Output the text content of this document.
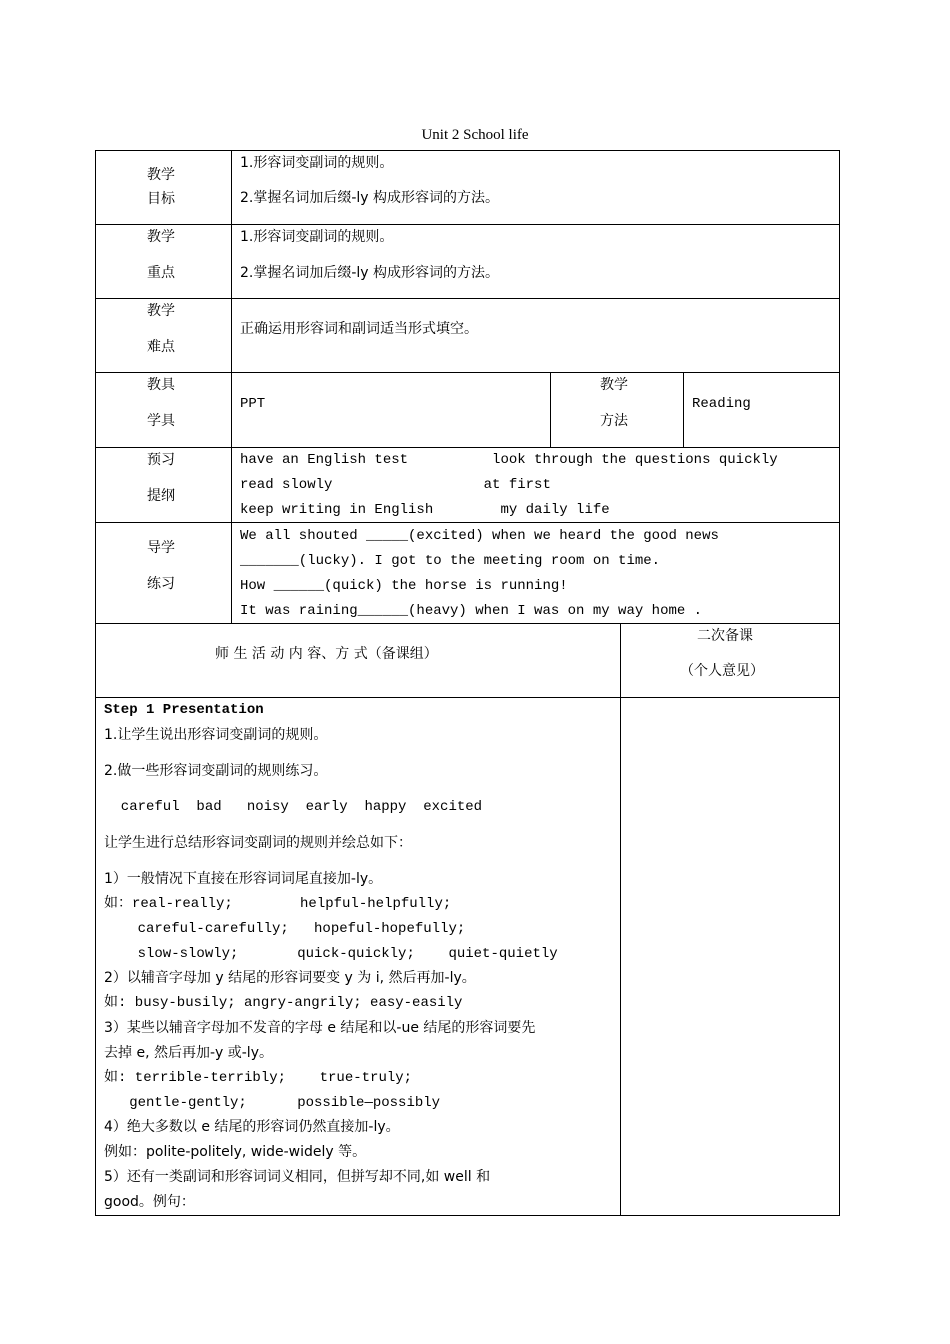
Unit 2 School life
教学
目标
1.形容词变副词的规则。
2.掌握名词加后缀-ly 构成形容词的方法。
教学
重点
1.形容词变副词的规则。
2.掌握名词加后缀-ly 构成形容词的方法。
教学
难点
正确运用形容词和副词适当形式填空。
教具
学具
PPT
教学
方法
Reading
预习
提纲
have an English test          look through the questions quickly
read slowly                  at first
keep writing in English        my daily life
导学
练习
We all shouted _____(excited) when we heard the good news
_______(lucky). I got to the meeting room on time.
How ______(quick) the horse is running!
It was raining______(heavy) when I was on my way home .
师 生 活 动 内 容、方 式（备课组）
二次备课
（个人意见）
Step 1 Presentation
1.让学生说出形容词变副词的规则。
2.做一些形容词变副词的规则练习。
careful  bad   noisy  early  happy  excited
让学生进行总结形容词变副词的规则并绘总如下：
1）一般情况下直接在形容词词尾直接加-ly。
如：real-really;        helpful-helpfully;
careful-carefully;   hopeful-hopefully;
slow-slowly;       quick-quickly;    quiet-quietly
2）以辅音字母加 y 结尾的形容词要变 y 为 i, 然后再加-ly。
如: busy-busily; angry-angrily; easy-easily
3）某些以辅音字母加不发音的字母 e 结尾和以-ue 结尾的形容词要先
去掉 e, 然后再加-y 或-ly。
如: terrible-terribly;    true-truly;
gentle-gently;      possible—possibly
4）绝大多数以 e 结尾的形容词仍然直接加-ly。
例如：polite-politely, wide-widely 等。
5）还有一类副词和形容词词义相同，但拼写却不同,如 well 和
good。例句：
